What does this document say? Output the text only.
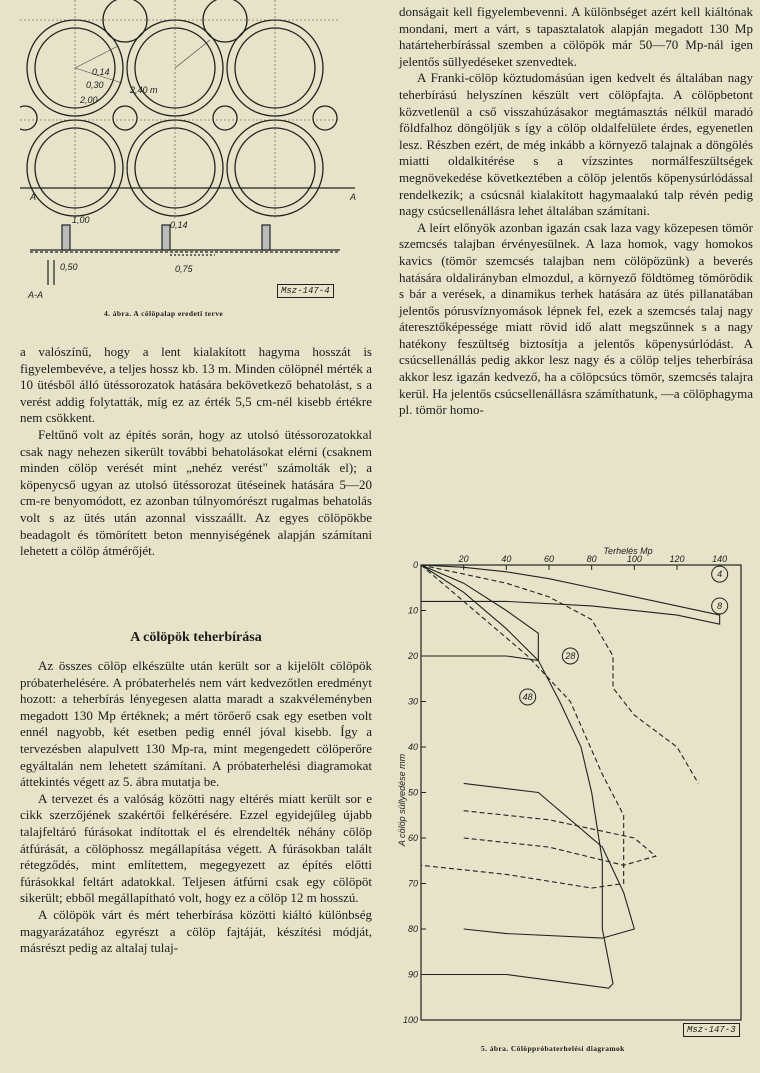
A	A
0,14
0,30
2,00
2,40 m
1,00	0,14
0,50	0,75
A-A	Msz-147-4
4. ábra. A cölöpalap eredeti terve

a valószínű, hogy a lent kialakított hagyma hosszát is figyelembevéve, a teljes hossz kb. 13 m. Minden cölöpnél mérték a 10 ütésből álló ütéssorozatok hatására bekövetkező behatolást, s a verést addig folytatták, míg ez az érték 5,5 cm-nél kisebb értékre nem csökkent.

Feltűnő volt az építés során, hogy az utolsó ütéssorozatokkal csak nagy nehezen sikerült további behatolásokat elérni (csaknem minden cölöp verését mint „nehéz verést" számolták el); a köpenycső ugyan az utolsó ütéssorozat ütéseinek hatására 5—20 cm-re benyomódott, ez azonban túlnyomórészt rugalmas behatolás volt s az ütés után azonnal visszaállt. Az egyes cölöpökbe beadagolt és tömörített beton mennyiségének alapján számítani lehetett a cölöp átmérőjét.

A cölöpök teherbírása

Az összes cölöp elkészülte után került sor a kijelölt cölöpök próbaterhelésére. A próbaterhelés nem várt kedvezőtlen eredményt hozott: a teherbírás lényegesen alatta maradt a szakvéleményben megadott 130 Mp értéknek; a mért törőerő csak egy esetben volt ennél nagyobb, két esetben pedig ennél jóval kisebb. Így a tervezésben alapulvett 130 Mp-ra, mint megengedett cölöperőre egyáltalán nem lehetett számítani. A próbaterhelési diagramokat áttekintés végett az 5. ábra mutatja be.

A tervezet és a valóság közötti nagy eltérés miatt került sor e cikk szerzőjének szakértői felkérésére. Ezzel egyidejűleg újabb talajfeltáró fúrásokat indítottak el és elrendelték néhány cölöp átfúrását, a cölöphossz megállapítása végett. A fúrásokban talált rétegződés, mint említettem, megegyezett az építés előtti fúrásokkal feltárt adatokkal. Teljesen átfúrni csak egy cölöpöt sikerült; ebből megállapítható volt, hogy ez a cölöp 12 m hosszú.

A cölöpök várt és mért teherbírása közötti kiáltó különbség magyarázatához egyrészt a cölöp fajtáját, készítési módját, másrészt pedig az altalaj tulaj-

donságait kell figyelembevenni. A különbséget azért kell kiáltónak mondani, mert a várt, s tapasztalatok alapján megadott 130 Mp határteherbírással szemben a cölöpök már 50—70 Mp-nál igen jelentős süllyedéseket szenvedtek.

A Franki-cölöp köztudomásúan igen kedvelt és általában nagy teherbírású helyszínen készült vert cölöpfajta. A cölöpbetont közvetlenül a cső visszahúzásakor megtámasztás nélkül maradó földfalhoz döngöljük s így a cölöp oldalfelülete érdes, egyenetlen lesz. Részben ezért, de még inkább a környező talajnak a döngölés miatti oldalkitérése s a vízszintes normálfeszültségek megnövekedése következtében a cölöp jelentős köpenysúrlódással rendelkezik; a csúcsnál kialakított hagymaalakú talp révén pedig nagy csúcsellenállásra lehet általában számítani.

A leírt előnyök azonban igazán csak laza vagy közepesen tömör szemcsés talajban érvényesülnek. A laza homok, vagy homokos kavics (tömör szemcsés talajban nem cölöpözünk) a beverés hatására oldalirányban elmozdul, a környező földtömeg tömörödik s bár a verések, a dinamikus terhek hatására az ütés pillanatában jelentős pórusvíznyomások lépnek fel, ezek a szemcsés talaj nagy áteresztőképessége miatt rövid idő alatt megszűnnek s a nagy hatékony feszültség biztosítja a jelentős köpenysúrlódást. A csúcsellenállás pedig akkor lesz nagy és a cölöp teljes teherbírása akkor lesz igazán kedvező, ha a cölöpcsúcs tömör, szemcsés talajra kerül. Ha jelentős csúcsellenállásra számíthatunk, —a cölöphagyma pl. tömör homo-

Terhelés Mp
A cölöp süllyedése mm
20	40	60	80	100	120	140
0
10
20
30
40
50
60
70
80
90
100
4
8
28
48
Msz-147-3
5. ábra. Cölöppróbaterhelési diagramok
